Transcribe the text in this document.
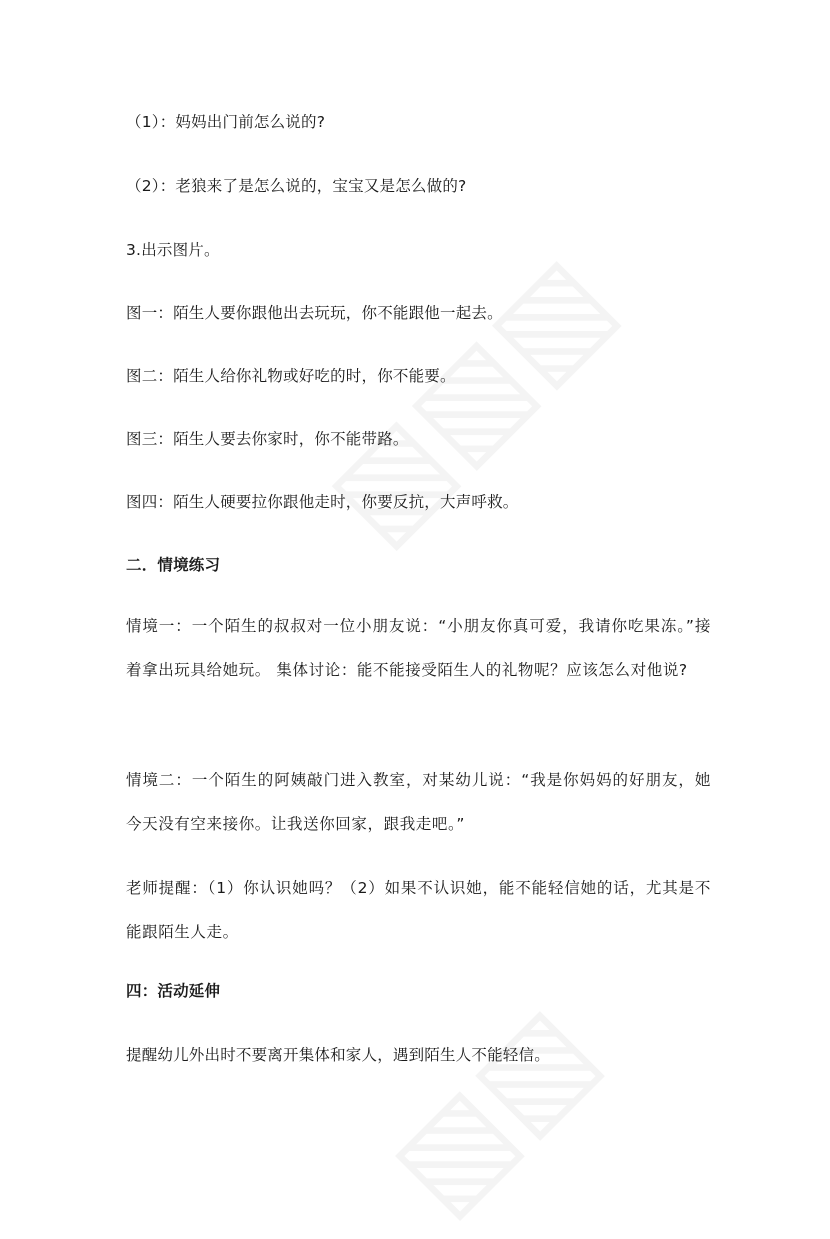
（1）：妈妈出门前怎么说的?
（2）：老狼来了是怎么说的，宝宝又是怎么做的?
3.出示图片。
图一：陌生人要你跟他出去玩玩，你不能跟他一起去。
图二：陌生人给你礼物或好吃的时，你不能要。
图三：陌生人要去你家时，你不能带路。
图四：陌生人硬要拉你跟他走时，你要反抗，大声呼救。
二．情境练习
情境一：一个陌生的叔叔对一位小朋友说：“小朋友你真可爱，我请你吃果冻。”接着拿出玩具给她玩。 集体讨论：能不能接受陌生人的礼物呢？应该怎么对他说?
情境二：一个陌生的阿姨敲门进入教室，对某幼儿说：“我是你妈妈的好朋友，她今天没有空来接你。让我送你回家，跟我走吧。”
老师提醒：（1）你认识她吗？（2）如果不认识她，能不能轻信她的话，尤其是不能跟陌生人走。
四：活动延伸
提醒幼儿外出时不要离开集体和家人，遇到陌生人不能轻信。
